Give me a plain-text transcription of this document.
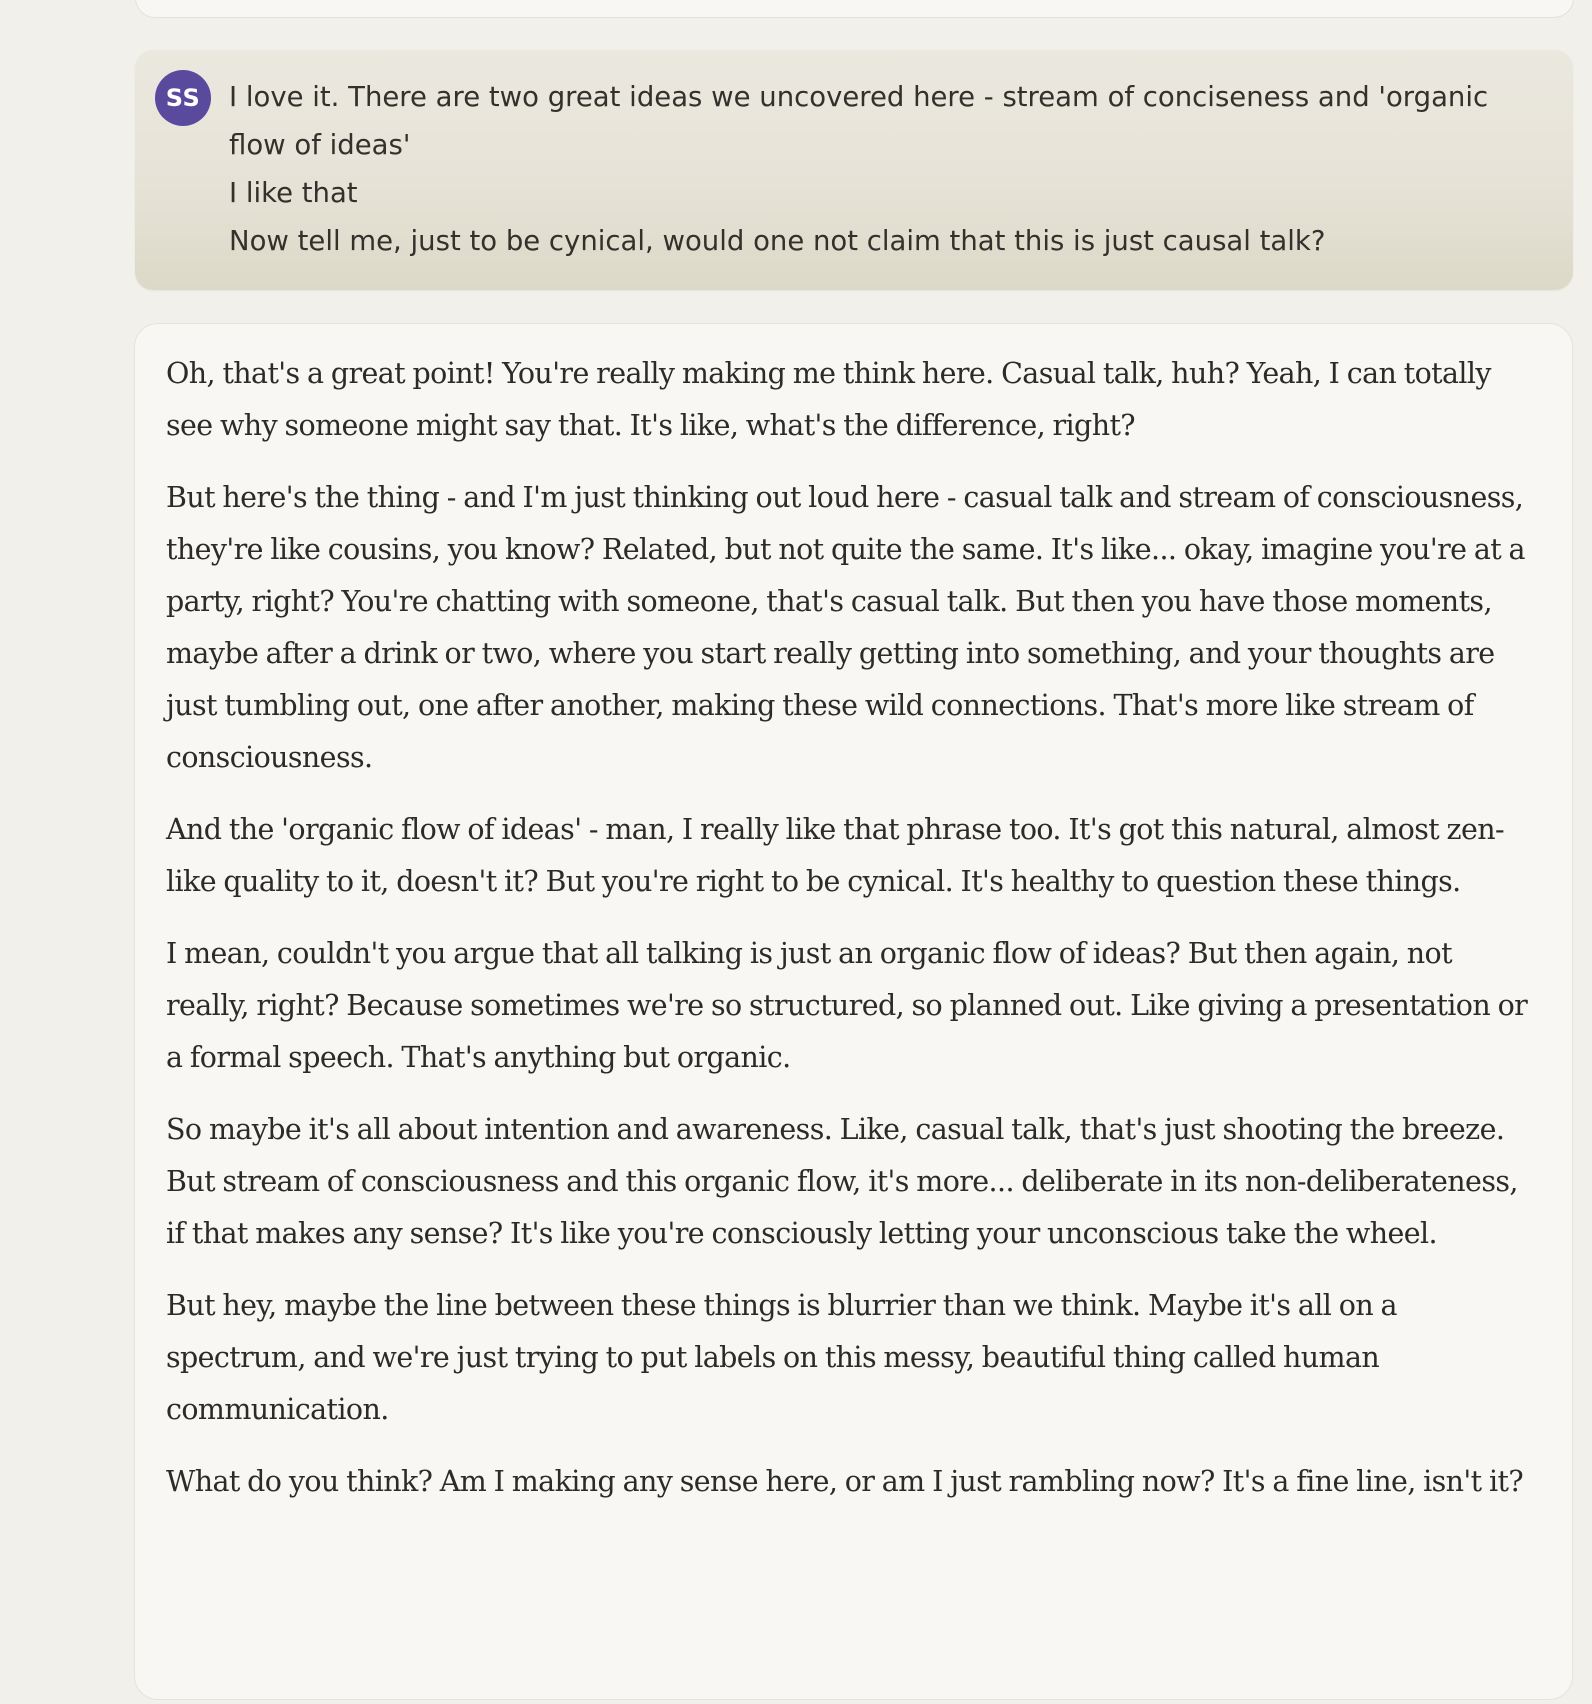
SS	I love it. There are two great ideas we uncovered here - stream of conciseness and 'organic flow of ideas'
I like that
Now tell me, just to be cynical, would one not claim that this is just causal talk?

Oh, that's a great point! You're really making me think here. Casual talk, huh? Yeah, I can totally see why someone might say that. It's like, what's the difference, right?

But here's the thing - and I'm just thinking out loud here - casual talk and stream of consciousness, they're like cousins, you know? Related, but not quite the same. It's like... okay, imagine you're at a party, right? You're chatting with someone, that's casual talk. But then you have those moments, maybe after a drink or two, where you start really getting into something, and your thoughts are just tumbling out, one after another, making these wild connections. That's more like stream of consciousness.

And the 'organic flow of ideas' - man, I really like that phrase too. It's got this natural, almost zen-like quality to it, doesn't it? But you're right to be cynical. It's healthy to question these things.

I mean, couldn't you argue that all talking is just an organic flow of ideas? But then again, not really, right? Because sometimes we're so structured, so planned out. Like giving a presentation or a formal speech. That's anything but organic.

So maybe it's all about intention and awareness. Like, casual talk, that's just shooting the breeze. But stream of consciousness and this organic flow, it's more... deliberate in its non-deliberateness, if that makes any sense? It's like you're consciously letting your unconscious take the wheel.

But hey, maybe the line between these things is blurrier than we think. Maybe it's all on a spectrum, and we're just trying to put labels on this messy, beautiful thing called human communication.

What do you think? Am I making any sense here, or am I just rambling now? It's a fine line, isn't it?
